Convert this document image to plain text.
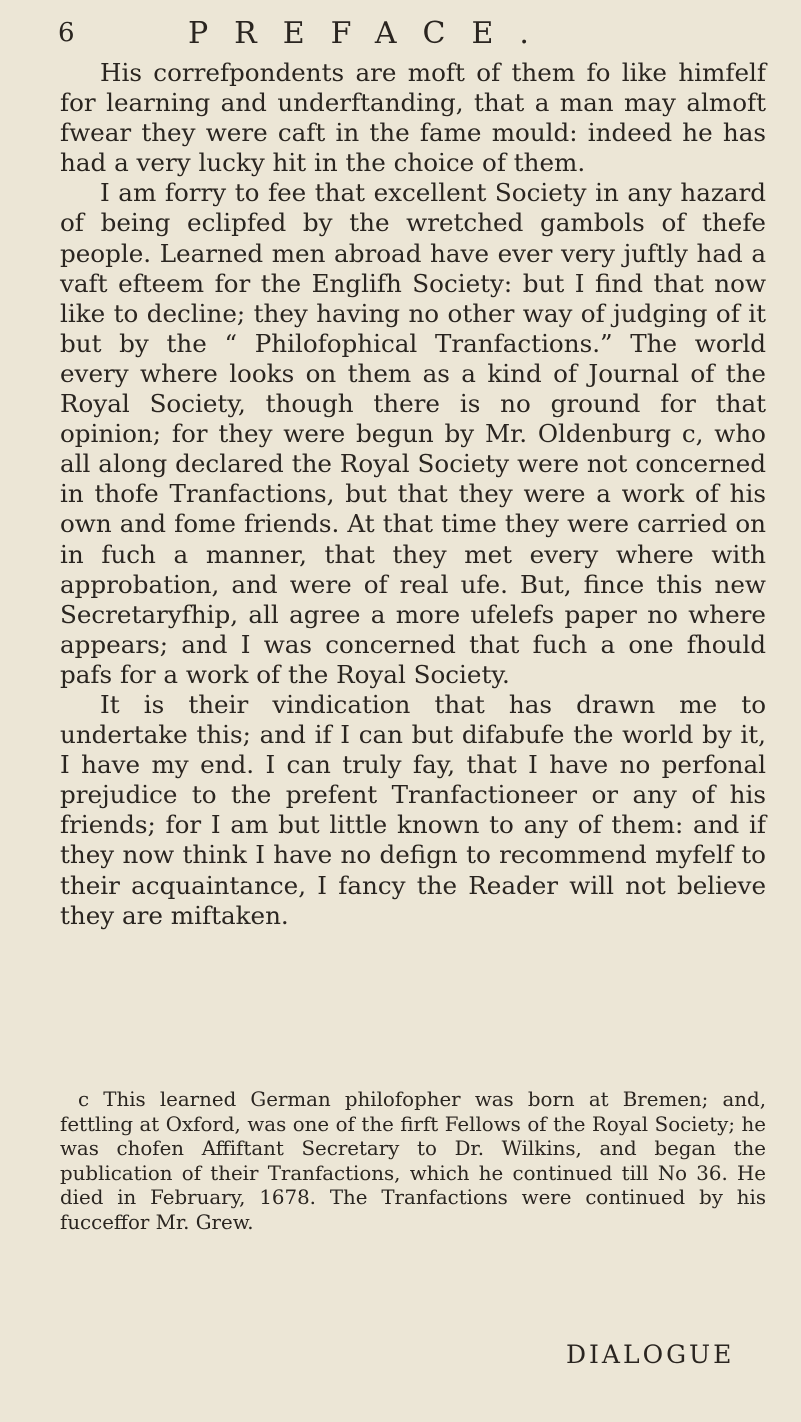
6	PREFACE.

His correfpondents are moft of them fo like himfelf for learning and underftanding, that a man may almoft fwear they were caft in the fame mould: indeed he has had a very lucky hit in the choice of them.

I am forry to fee that excellent Society in any hazard of being eclipfed by the wretched gambols of thefe people. Learned men abroad have ever very juftly had a vaft efteem for the Englifh Society: but I find that now like to decline; they having no other way of judging of it but by the “ Philofophical Tranfactions.” The world every where looks on them as a kind of Journal of the Royal Society, though there is no ground for that opinion; for they were begun by Mr. Oldenburg c, who all along declared the Royal Society were not concerned in thofe Tranfactions, but that they were a work of his own and fome friends. At that time they were carried on in fuch a manner, that they met every where with approbation, and were of real ufe. But, fince this new Secretaryfhip, all agree a more ufelefs paper no where appears; and I was concerned that fuch a one fhould pafs for a work of the Royal Society.

It is their vindication that has drawn me to undertake this; and if I can but difabufe the world by it, I have my end. I can truly fay, that I have no perfonal prejudice to the prefent Tranfactioneer or any of his friends; for I am but little known to any of them: and if they now think I have no defign to recommend myfelf to their acquaintance, I fancy the Reader will not believe they are miftaken.

c This learned German philofopher was born at Bremen; and, fettling at Oxford, was one of the firft Fellows of the Royal Society; he was chofen Affiftant Secretary to Dr. Wilkins, and began the publication of their Tranfactions, which he continued till No 36. He died in February, 1678. The Tranfactions were continued by his fucceffor Mr. Grew.

DIALOGUE
